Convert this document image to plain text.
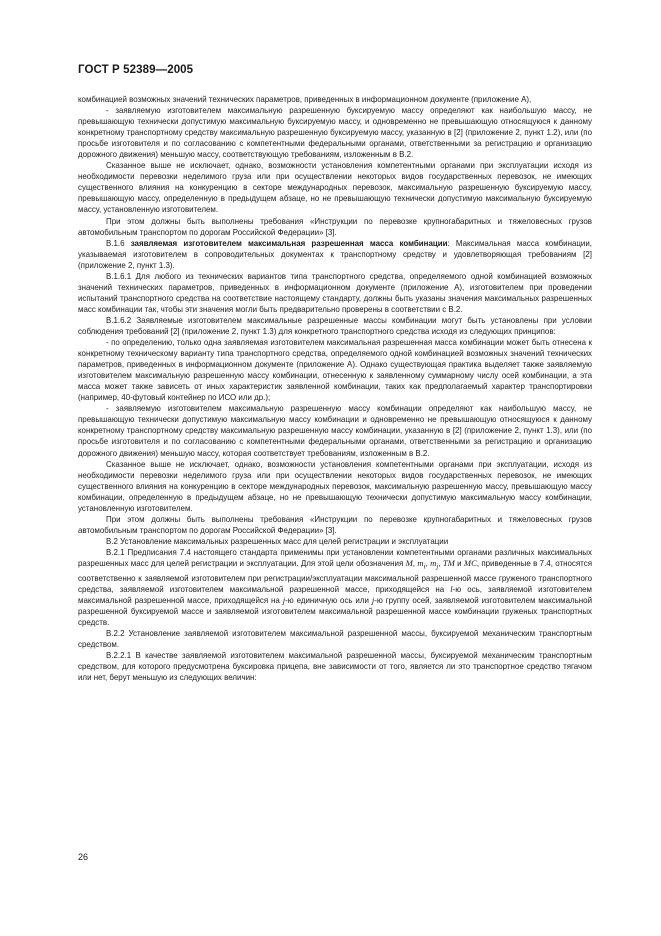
ГОСТ Р 52389—2005

комбинацией возможных значений технических параметров, приведенных в информационном документе (приложение А),

- заявляемую изготовителем максимальную разрешенную буксируемую массу определяют как наибольшую массу, не превышающую технически допустимую максимальную буксируемую массу, и одновременно не превышающую относящуюся к данному конкретному транспортному средству максимальную разрешенную буксируемую массу, указанную в [2] (приложение 2, пункт 1.2), или (по просьбе изготовителя и по согласованию с компетентными федеральными органами, ответственными за регистрацию и организацию дорожного движения) меньшую массу, соответствующую требованиям, изложенным в В.2.

Сказанное выше не исключает, однако, возможности установления компетентными органами при эксплуатации исходя из необходимости перевозки неделимого груза или при осуществлении некоторых видов государственных перевозок, не имеющих существенного влияния на конкуренцию в секторе международных перевозок, максимальную разрешенную буксируемую массу, превышающую массу, определенную в предыдущем абзаце, но не превышающую технически допустимую максимальную буксируемую массу, установленную изготовителем.

При этом должны быть выполнены требования «Инструкции по перевозке крупногабаритных и тяжеловесных грузов автомобильным транспортом по дорогам Российской Федерации» [3].

В.1.6 заявляемая изготовителем максимальная разрешенная масса комбинации: Максимальная масса комбинации, указываемая изготовителем в сопроводительных документах к транспортному средству и удовлетворяющая требованиям [2] (приложение 2, пункт 1.3).

В.1.6.1 Для любого из технических вариантов типа транспортного средства, определяемого одной комбинацией возможных значений технических параметров, приведенных в информационном документе (приложение А), изготовителем при проведении испытаний транспортного средства на соответствие настоящему стандарту, должны быть указаны значения максимальных разрешенных масс комбинации так, чтобы эти значения могли быть предварительно проверены в соответствии с В.2.

В.1.6.2 Заявляемые изготовителем максимальные разрешенные массы комбинации могут быть установлены при условии соблюдения требований [2] (приложение 2, пункт 1.3) для конкретного транспортного средства исходя из следующих принципов:

- по определению, только одна заявляемая изготовителем максимальная разрешенная масса комбинации может быть отнесена к конкретному техническому варианту типа транспортного средства, определяемого одной комбинацией возможных значений технических параметров, приведенных в информационном документе (приложение А). Однако существующая практика выделяет также заявляемую изготовителем максимальную разрешенную массу комбинации, отнесенную к заявленному суммарному числу осей комбинации, а эта масса может также зависеть от иных характеристик заявленной комбинации, таких как предполагаемый характер транспортировки (например, 40-футовый контейнер по ИСО или др.);

- заявляемую изготовителем максимальную разрешенную массу комбинации определяют как наибольшую массу, не превышающую технически допустимую максимальную массу комбинации и одновременно не превышающую относящуюся к данному конкретному транспортному средству максимальную разрешенную массу комбинации, указанную в [2] (приложение 2, пункт 1.3), или (по просьбе изготовителя и по согласованию с компетентными федеральными органами, ответственными за регистрацию и организацию дорожного движения) меньшую массу, которая соответствует требованиям, изложенным в В.2.

Сказанное выше не исключает, однако, возможности установления компетентными органами при эксплуатации, исходя из необходимости перевозки неделимого груза или при осуществлении некоторых видов государственных перевозок, не имеющих существенного влияния на конкуренцию в секторе международных перевозок, максимальную разрешенную массу, превышающую массу комбинации, определенную в предыдущем абзаце, но не превышающую технически допустимую максимальную массу комбинации, установленную изготовителем.

При этом должны быть выполнены требования «Инструкции по перевозке крупногабаритных и тяжеловесных грузов автомобильным транспортом по дорогам Российской Федерации» [3].

В.2 Установление максимальных разрешенных масс для целей регистрации и эксплуатации

В.2.1 Предписания 7.4 настоящего стандарта применимы при установлении компетентными органами различных максимальных разрешенных масс для целей регистрации и эксплуатации. Для этой цели обозначения M, $m_i$, $m_j$, TM и MC, приведенные в 7.4, относятся соответственно к заявляемой изготовителем при регистрации/эксплуатации максимальной разрешенной массе груженого транспортного средства, заявляемой изготовителем максимальной разрешенной массе, приходящейся на l-ю ось, заявляемой изготовителем максимальной разрешенной массе, приходящейся на j-ю единичную ось или j-ю группу осей, заявляемой изготовителем максимальной разрешенной буксируемой массе и заявляемой изготовителем максимальной разрешенной массе комбинации груженых транспортных средств.

В.2.2 Установление заявляемой изготовителем максимальной разрешенной массы, буксируемой механическим транспортным средством.

В.2.2.1 В качестве заявляемой изготовителем максимальной разрешенной массы, буксируемой механическим транспортным средством, для которого предусмотрена буксировка прицепа, вне зависимости от того, является ли это транспортное средство тягачом или нет, берут меньшую из следующих величин:

26
